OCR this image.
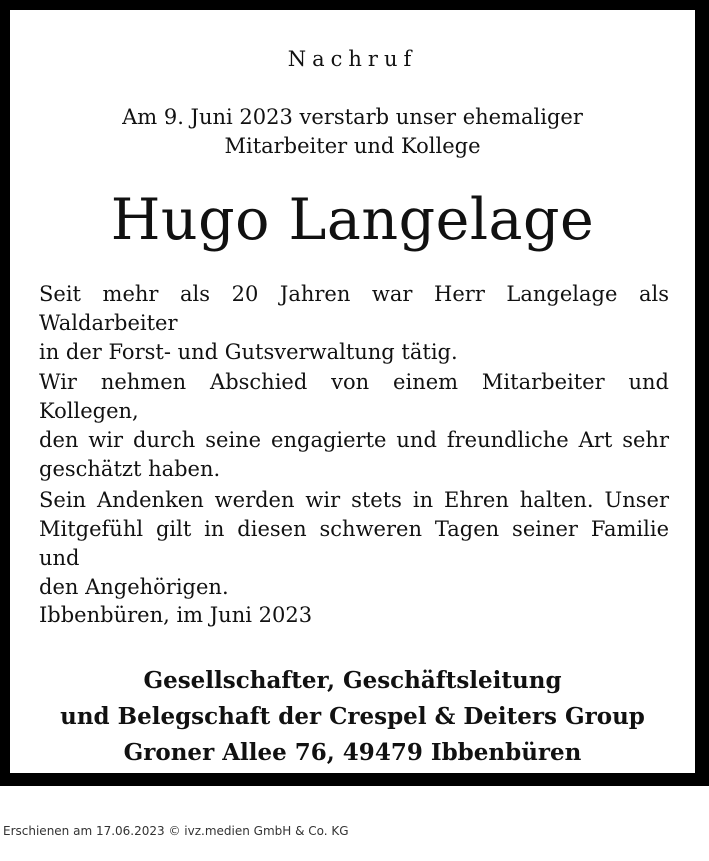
Nachruf
Am 9. Juni 2023 verstarb unser ehemaliger
Mitarbeiter und Kollege
Hugo Langelage
Seit mehr als 20 Jahren war Herr Langelage als Waldarbeiter
in der Forst- und Gutsverwaltung tätig.
Wir nehmen Abschied von einem Mitarbeiter und Kollegen,
den wir durch seine engagierte und freundliche Art sehr
geschätzt haben.
Sein Andenken werden wir stets in Ehren halten. Unser
Mitgefühl gilt in diesen schweren Tagen seiner Familie und
den Angehörigen.
Ibbenbüren, im Juni 2023
Gesellschafter, Geschäftsleitung
und Belegschaft der Crespel & Deiters Group
Groner Allee 76, 49479 Ibbenbüren
Erschienen am 17.06.2023 © ivz.medien GmbH & Co. KG
